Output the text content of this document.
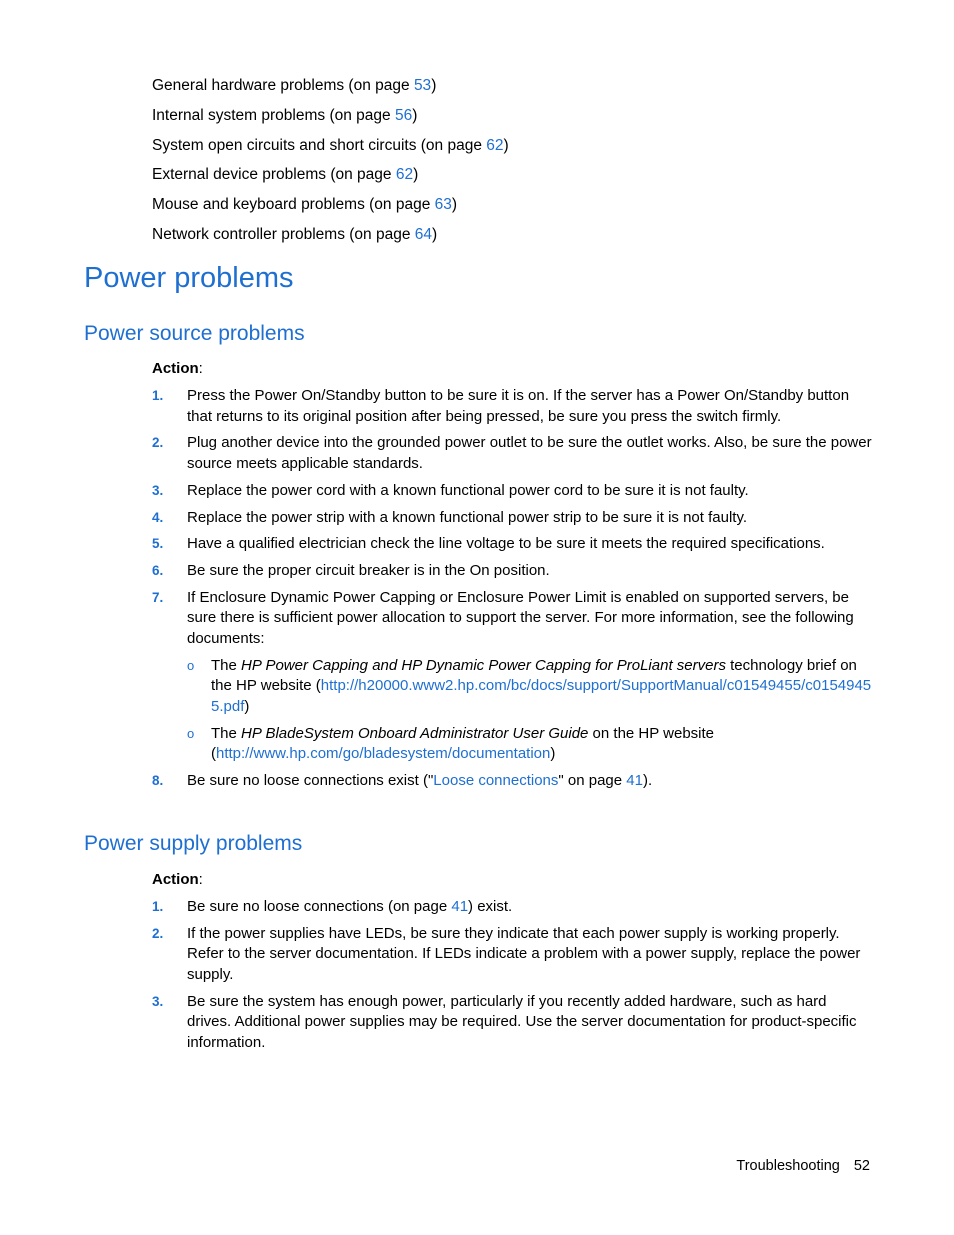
General hardware problems (on page 53)
Internal system problems (on page 56)
System open circuits and short circuits (on page 62)
External device problems (on page 62)
Mouse and keyboard problems (on page 63)
Network controller problems (on page 64)
Power problems
Power source problems
Action:
1. Press the Power On/Standby button to be sure it is on. If the server has a Power On/Standby button that returns to its original position after being pressed, be sure you press the switch firmly.
2. Plug another device into the grounded power outlet to be sure the outlet works. Also, be sure the power source meets applicable standards.
3. Replace the power cord with a known functional power cord to be sure it is not faulty.
4. Replace the power strip with a known functional power strip to be sure it is not faulty.
5. Have a qualified electrician check the line voltage to be sure it meets the required specifications.
6. Be sure the proper circuit breaker is in the On position.
7. If Enclosure Dynamic Power Capping or Enclosure Power Limit is enabled on supported servers, be sure there is sufficient power allocation to support the server. For more information, see the following documents:
o The HP Power Capping and HP Dynamic Power Capping for ProLiant servers technology brief on the HP website (http://h20000.www2.hp.com/bc/docs/support/SupportManual/c01549455/c01549455.pdf)
o The HP BladeSystem Onboard Administrator User Guide on the HP website (http://www.hp.com/go/bladesystem/documentation)
8. Be sure no loose connections exist ("Loose connections" on page 41).
Power supply problems
Action:
1. Be sure no loose connections (on page 41) exist.
2. If the power supplies have LEDs, be sure they indicate that each power supply is working properly. Refer to the server documentation. If LEDs indicate a problem with a power supply, replace the power supply.
3. Be sure the system has enough power, particularly if you recently added hardware, such as hard drives. Additional power supplies may be required. Use the server documentation for product-specific information.
Troubleshooting 52
